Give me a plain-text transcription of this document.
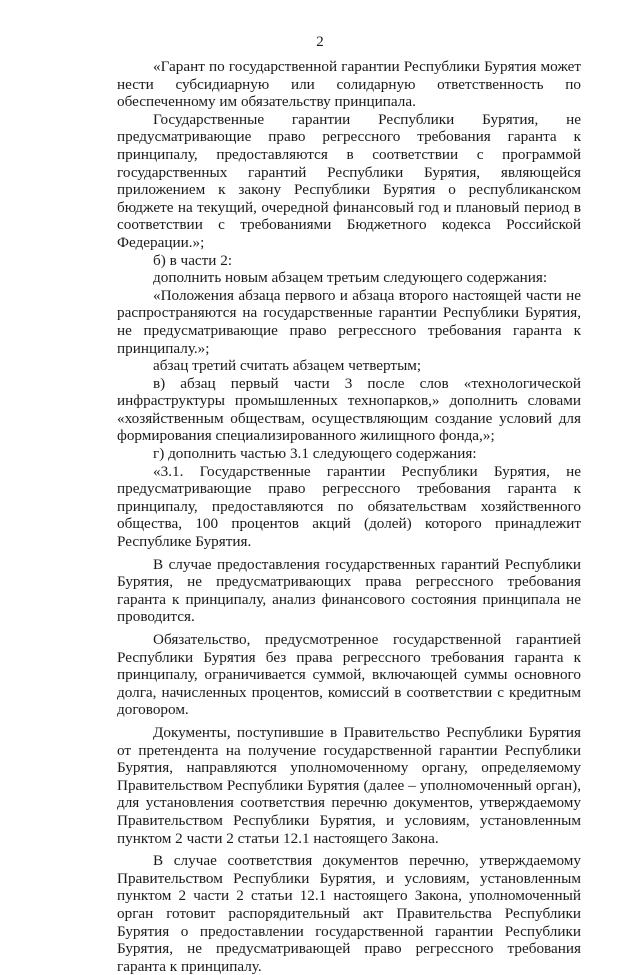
2

«Гарант по государственной гарантии Республики Бурятия может нести субсидиарную или солидарную ответственность по обеспеченному им обязательству принципала.

Государственные гарантии Республики Бурятия, не предусматривающие право регрессного требования гаранта к принципалу, предоставляются в соответствии с программой государственных гарантий Республики Бурятия, являющейся приложением к закону Республики Бурятия о республиканском бюджете на текущий, очередной финансовый год и плановый период в соответствии с требованиями Бюджетного кодекса Российской Федерации.»;

б) в части 2:

дополнить новым абзацем третьим следующего содержания:

«Положения абзаца первого и абзаца второго настоящей части не распространяются на государственные гарантии Республики Бурятия, не предусматривающие право регрессного требования гаранта к принципалу.»;

абзац третий считать абзацем четвертым;

в) абзац первый части 3 после слов «технологической инфраструктуры промышленных технопарков,» дополнить словами «хозяйственным обществам, осуществляющим создание условий для формирования специализированного жилищного фонда,»;

г) дополнить частью 3.1 следующего содержания:

«3.1. Государственные гарантии Республики Бурятия, не предусматривающие право регрессного требования гаранта к принципалу, предоставляются по обязательствам хозяйственного общества, 100 процентов акций (долей) которого принадлежит Республике Бурятия.

В случае предоставления государственных гарантий Республики Бурятия, не предусматривающих права регрессного требования гаранта к принципалу, анализ финансового состояния принципала не проводится.

Обязательство, предусмотренное государственной гарантией Республики Бурятия без права регрессного требования гаранта к принципалу, ограничивается суммой, включающей суммы основного долга, начисленных процентов, комиссий в соответствии с кредитным договором.

Документы, поступившие в Правительство Республики Бурятия от претендента на получение государственной гарантии Республики Бурятия, направляются уполномоченному органу, определяемому Правительством Республики Бурятия (далее – уполномоченный орган), для установления соответствия перечню документов, утверждаемому Правительством Республики Бурятия, и условиям, установленным пунктом 2 части 2 статьи 12.1 настоящего Закона.

В случае соответствия документов перечню, утверждаемому Правительством Республики Бурятия, и условиям, установленным пунктом 2 части 2 статьи 12.1 настоящего Закона, уполномоченный орган готовит распорядительный акт Правительства Республики Бурятия о предоставлении государственной гарантии Республики Бурятия, не предусматривающей право регрессного требования гаранта к принципалу.
